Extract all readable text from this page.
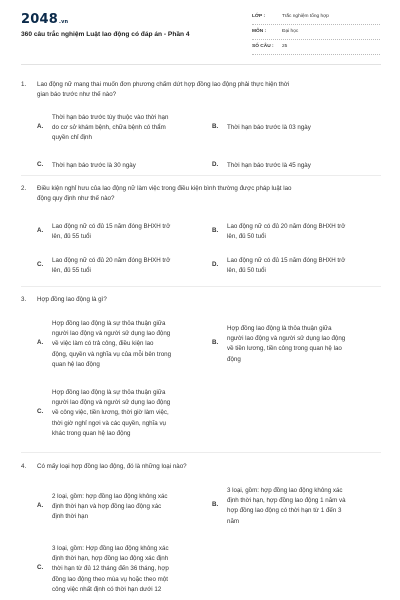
2048.vn
360 câu trắc nghiệm Luật lao động có đáp án - Phần 4
LỚP :	Trắc nghiệm tổng hợp
MÔN :	Đại học
SỐ CÂU : 25
1. Lao động nữ mang thai muốn đơn phương chấm dứt hợp đồng lao động phải thực hiện thời
gian báo trước như thế nào?
A.
Thời hạn báo trước tùy thuộc vào thời hạn
do cơ sở khám bệnh, chữa bệnh có thẩm
quyền chỉ định
B. Thời hạn báo trước là 03 ngày
C. Thời hạn báo trước là 30 ngày	D. Thời hạn báo trước là 45 ngày
2. Điều kiện nghỉ hưu của lao động nữ làm việc trong điều kiện bình thường được pháp luật lao
động quy định như thế nào?
A.
Lao động nữ có đủ 15 năm đóng BHXH trở
lên, đủ 55 tuổi
B.
Lao động nữ có đủ 20 năm đóng BHXH trở
lên, đủ 50 tuổi
C.
Lao động nữ có đủ 20 năm đóng BHXH trở
lên, đủ 55 tuổi
D.
Lao động nữ có đủ 15 năm đóng BHXH trở
lên, đủ 50 tuổi
3. Hợp đồng lao động là gì?
A.
Hợp đồng lao động là sự thỏa thuận giữa
người lao động và người sử dụng lao động
về việc làm có trả công, điều kiện lao
động, quyền và nghĩa vụ của mỗi bên trong
quan hệ lao động
B.
Hợp đồng lao động là thỏa thuận giữa
người lao động và người sử dụng lao động
về tiền lương, tiền công trong quan hệ lao
động
C.
Hợp đồng lao động là sự thỏa thuận giữa
người lao động và người sử dụng lao động
về công việc, tiền lương, thời giờ làm việc,
thời giờ nghỉ ngơi và các quyền, nghĩa vụ
khác trong quan hệ lao động
4. Có mấy loại hợp đồng lao động, đó là những loại nào?
A.
2 loại, gồm: hợp đồng lao động không xác
định thời hạn và hợp đồng lao động xác
định thời hạn
B.
3 loại, gồm: hợp đồng lao động không xác
định thời hạn, hợp đồng lao động 1 năm và
hợp đồng lao động có thời hạn từ 1 đến 3
năm
C.
3 loại, gồm: Hợp đồng lao động không xác
định thời hạn, hợp đồng lao động xác định
thời hạn từ đủ 12 tháng đến 36 tháng, hợp
đồng lao động theo mùa vụ hoặc theo một
công việc nhất định có thời hạn dưới 12
